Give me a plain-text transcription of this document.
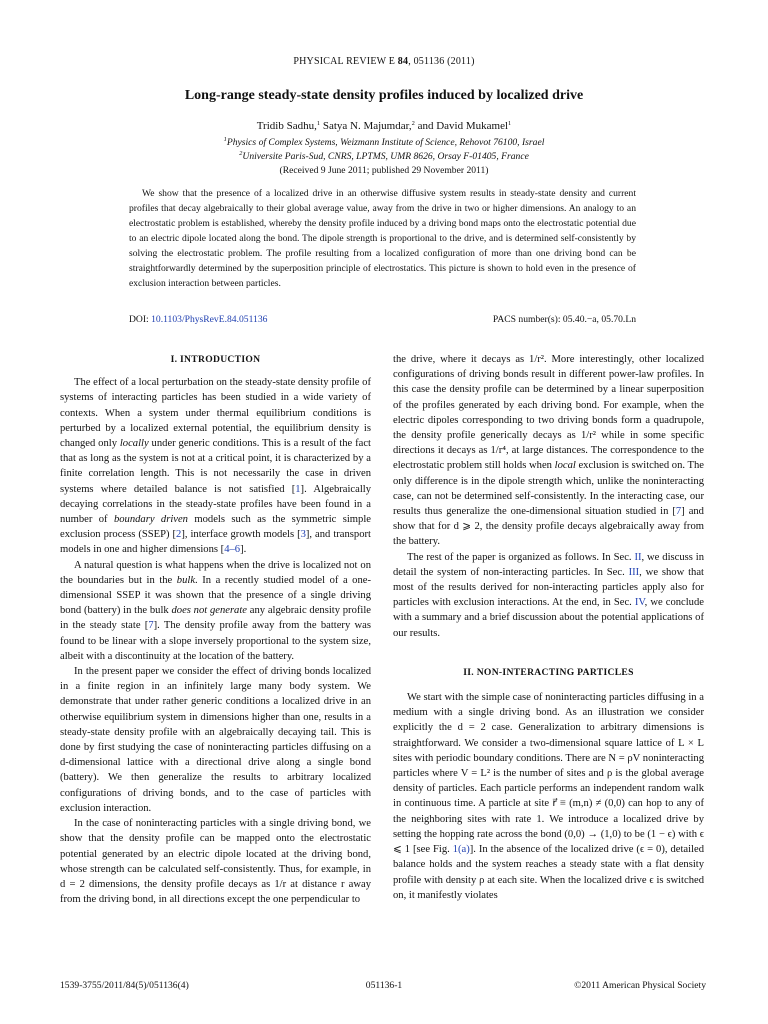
PHYSICAL REVIEW E 84, 051136 (2011)
Long-range steady-state density profiles induced by localized drive
Tridib Sadhu,$^1$ Satya N. Majumdar,$^2$ and David Mukamel$^1$
$^1$Physics of Complex Systems, Weizmann Institute of Science, Rehovot 76100, Israel
$^2$Universite Paris-Sud, CNRS, LPTMS, UMR 8626, Orsay F-01405, France
(Received 9 June 2011; published 29 November 2011)
We show that the presence of a localized drive in an otherwise diffusive system results in steady-state density and current profiles that decay algebraically to their global average value, away from the drive in two or higher dimensions. An analogy to an electrostatic problem is established, whereby the density profile induced by a driving bond maps onto the electrostatic potential due to an electric dipole located along the bond. The dipole strength is proportional to the drive, and is determined self-consistently by solving the electrostatic problem. The profile resulting from a localized configuration of more than one driving bond can be straightforwardly determined by the superposition principle of electrostatics. This picture is shown to hold even in the presence of exclusion interaction between particles.
DOI: 10.1103/PhysRevE.84.051136	PACS number(s): 05.40.−a, 05.70.Ln
I. INTRODUCTION

The effect of a local perturbation on the steady-state density profile of systems of interacting particles has been studied in a wide variety of contexts. When a system under thermal equilibrium conditions is perturbed by a localized external potential, the equilibrium density is changed only locally under generic conditions. This is a result of the fact that as long as the system is not at a critical point, it is characterized by a finite correlation length. This is not necessarily the case in driven systems where detailed balance is not satisfied [1]. Algebraically decaying correlations in the steady-state profiles have been found in a number of boundary driven models such as the symmetric simple exclusion process (SSEP) [2], interface growth models [3], and transport models in one and higher dimensions [4–6].

A natural question is what happens when the drive is localized not on the boundaries but in the bulk. In a recently studied model of a one-dimensional SSEP it was shown that the presence of a single driving bond (battery) in the bulk does not generate any algebraic density profile in the steady state [7]. The density profile away from the battery was found to be linear with a slope inversely proportional to the system size, albeit with a discontinuity at the location of the battery.

In the present paper we consider the effect of driving bonds localized in a finite region in an infinitely large many body system. We demonstrate that under rather generic conditions a localized drive in an otherwise equilibrium system in dimensions higher than one, results in a steady-state density profile with an algebraically decaying tail. This is done by first studying the case of noninteracting particles diffusing on a d-dimensional lattice with a directional drive along a single bond (battery). We then generalize the results to arbitrary localized configurations of driving bonds, and to the case of particles with exclusion interaction.

In the case of noninteracting particles with a single driving bond, we show that the density profile can be mapped onto the electrostatic potential generated by an electric dipole located at the driving bond, whose strength can be calculated self-consistently. Thus, for example, in d = 2 dimensions, the density profile decays as 1/r at distance r away from the driving bond, in all directions except the one perpendicular to

the drive, where it decays as 1/r². More interestingly, other localized configurations of driving bonds result in different power-law profiles. In this case the density profile can be determined by a linear superposition of the profiles generated by each driving bond. For example, when the electric dipoles corresponding to two driving bonds form a quadrupole, the density profile generically decays as 1/r² while in some specific directions it decays as 1/r⁴, at large distances. The correspondence to the electrostatic problem still holds when local exclusion is switched on. The only difference is in the dipole strength which, unlike the noninteracting case, can not be determined self-consistently. In the interacting case, our results thus generalize the one-dimensional situation studied in [7] and show that for d ⩾ 2, the density profile decays algebraically away from the battery.

The rest of the paper is organized as follows. In Sec. II, we discuss in detail the system of non-interacting particles. In Sec. III, we show that most of the results derived for non-interacting particles apply also for particles with exclusion interactions. At the end, in Sec. IV, we conclude with a summary and a brief discussion about the potential applications of our results.

II. NON-INTERACTING PARTICLES

We start with the simple case of noninteracting particles diffusing in a medium with a single driving bond. As an illustration we consider explicitly the d = 2 case. Generalization to arbitrary dimensions is straightforward. We consider a two-dimensional square lattice of L × L sites with periodic boundary conditions. There are N = ρV noninteracting particles where V = L² is the number of sites and ρ is the global average density of particles. Each particle performs an independent random walk in continuous time. A particle at site r⃗ ≡ (m,n) ≠ (0,0) can hop to any of the neighboring sites with rate 1. We introduce a localized drive by setting the hopping rate across the bond (0,0) → (1,0) to be (1 − ϵ) with ϵ ⩽ 1 [see Fig. 1(a)]. In the absence of the localized drive (ϵ = 0), detailed balance holds and the system reaches a steady state with a flat density profile with density ρ at each site. When the localized drive ϵ is switched on, it manifestly violates

1539-3755/2011/84(5)/051136(4)	051136-1	©2011 American Physical Society
